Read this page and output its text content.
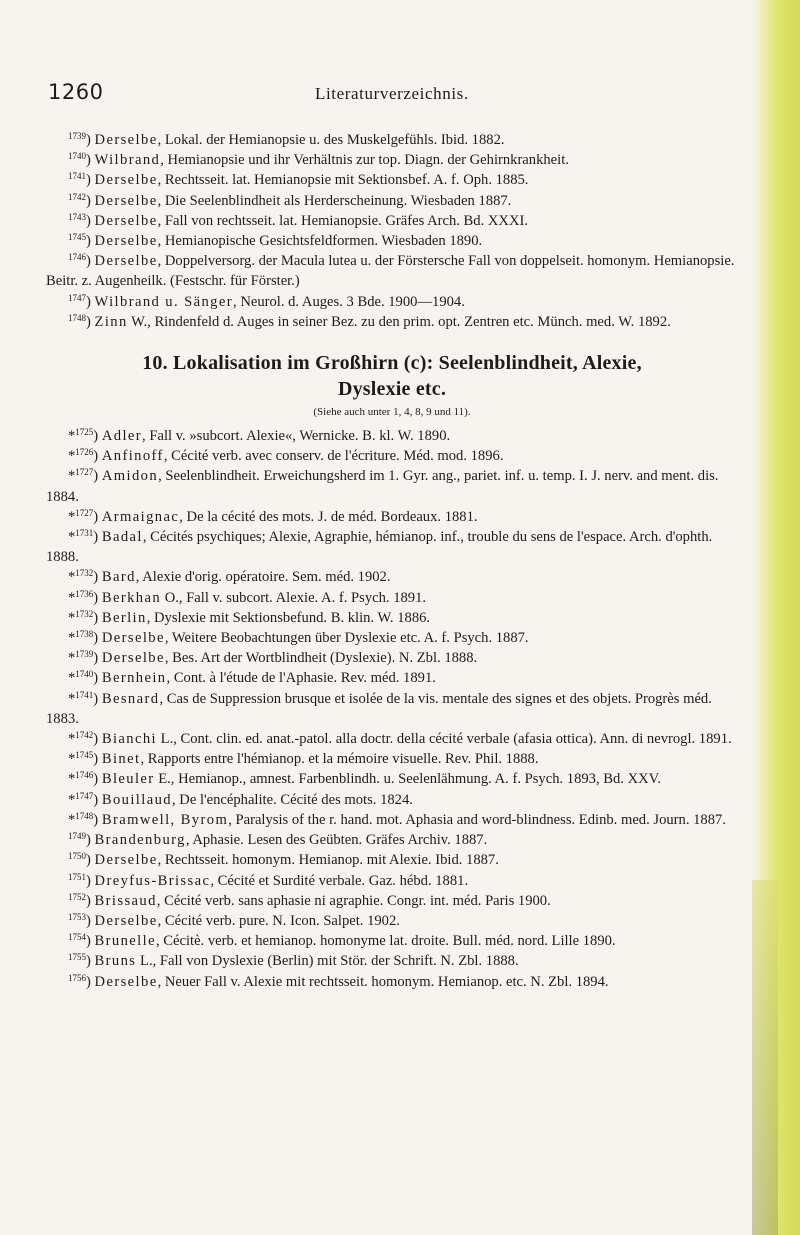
1260	Literaturverzeichnis.

$^{1739}$) Derselbe, Lokal. der Hemianopsie u. des Muskelgefühls. Ibid. 1882.

$^{1740}$) Wilbrand, Hemianopsie und ihr Verhältnis zur top. Diagn. der Gehirnkrankheit.

$^{1741}$) Derselbe, Rechtsseit. lat. Hemianopsie mit Sektionsbef. A. f. Oph. 1885.

$^{1742}$) Derselbe, Die Seelenblindheit als Herderscheinung. Wiesbaden 1887.

$^{1743}$) Derselbe, Fall von rechtsseit. lat. Hemianopsie. Gräfes Arch. Bd. XXXI.

$^{1745}$) Derselbe, Hemianopische Gesichtsfeldformen. Wiesbaden 1890.

$^{1746}$) Derselbe, Doppelversorg. der Macula lutea u. der Förstersche Fall von doppelseit. homonym. Hemianopsie. Beitr. z. Augenheilk. (Festschr. für Förster.)

$^{1747}$) Wilbrand u. Sänger, Neurol. d. Auges. 3 Bde. 1900—1904.

$^{1748}$) Zinn W., Rindenfeld d. Auges in seiner Bez. zu den prim. opt. Zentren etc. Münch. med. W. 1892.

10. Lokalisation im Großhirn (c): Seelenblindheit, Alexie,
Dyslexie etc.
(Siehe auch unter 1, 4, 8, 9 und 11).

*$^{1725}$) Adler, Fall v. »subcort. Alexie«, Wernicke. B. kl. W. 1890.

*$^{1726}$) Anfinoff, Cécité verb. avec conserv. de l'écriture. Méd. mod. 1896.

*$^{1727}$) Amidon, Seelenblindheit. Erweichungsherd im 1. Gyr. ang., pariet. inf. u. temp. I. J. nerv. and ment. dis. 1884.

*$^{1727}$) Armaignac, De la cécité des mots. J. de méd. Bordeaux. 1881.

*$^{1731}$) Badal, Cécités psychiques; Alexie, Agraphie, hémianop. inf., trouble du sens de l'espace. Arch. d'ophth. 1888.

*$^{1732}$) Bard, Alexie d'orig. opératoire. Sem. méd. 1902.

*$^{1736}$) Berkhan O., Fall v. subcort. Alexie. A. f. Psych. 1891.

*$^{1732}$) Berlin, Dyslexie mit Sektionsbefund. B. klin. W. 1886.

*$^{1738}$) Derselbe, Weitere Beobachtungen über Dyslexie etc. A. f. Psych. 1887.

*$^{1739}$) Derselbe, Bes. Art der Wortblindheit (Dyslexie). N. Zbl. 1888.

*$^{1740}$) Bernhein, Cont. à l'étude de l'Aphasie. Rev. méd. 1891.

*$^{1741}$) Besnard, Cas de Suppression brusque et isolée de la vis. mentale des signes et des objets. Progrès méd. 1883.

*$^{1742}$) Bianchi L., Cont. clin. ed. anat.-patol. alla doctr. della cécité verbale (afasia ottica). Ann. di nevrogl. 1891.

*$^{1745}$) Binet, Rapports entre l'hémianop. et la mémoire visuelle. Rev. Phil. 1888.

*$^{1746}$) Bleuler E., Hemianop., amnest. Farbenblindh. u. Seelenlähmung. A. f. Psych. 1893, Bd. XXV.

*$^{1747}$) Bouillaud, De l'encéphalite. Cécité des mots. 1824.

*$^{1748}$) Bramwell, Byrom, Paralysis of the r. hand. mot. Aphasia and word-blindness. Edinb. med. Journ. 1887.

$^{1749}$) Brandenburg, Aphasie. Lesen des Geübten. Gräfes Archiv. 1887.

$^{1750}$) Derselbe, Rechtsseit. homonym. Hemianop. mit Alexie. Ibid. 1887.

$^{1751}$) Dreyfus-Brissac, Cécité et Surdité verbale. Gaz. hébd. 1881.

$^{1752}$) Brissaud, Cécité verb. sans aphasie ni agraphie. Congr. int. méd. Paris 1900.

$^{1753}$) Derselbe, Cécité verb. pure. N. Icon. Salpet. 1902.

$^{1754}$) Brunelle, Cécitè. verb. et hemianop. homonyme lat. droite. Bull. méd. nord. Lille 1890.

$^{1755}$) Bruns L., Fall von Dyslexie (Berlin) mit Stör. der Schrift. N. Zbl. 1888.

$^{1756}$) Derselbe, Neuer Fall v. Alexie mit rechtsseit. homonym. Hemianop. etc. N. Zbl. 1894.
